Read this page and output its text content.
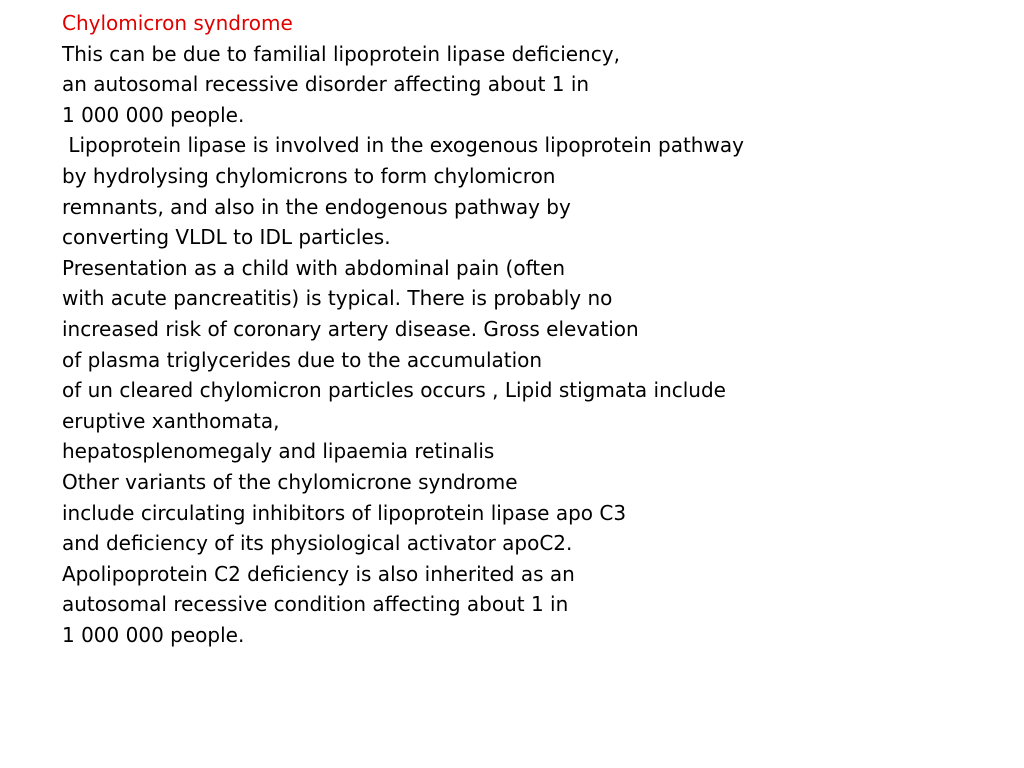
Chylomicron syndrome
This can be due to familial lipoprotein lipase deficiency,
an autosomal recessive disorder affecting about 1 in
1 000 000 people.
Lipoprotein lipase is involved in the exogenous lipoprotein pathway
by hydrolysing chylomicrons to form chylomicron
remnants, and also in the endogenous pathway by
converting VLDL to IDL particles.
Presentation as a child with abdominal pain (often
with acute pancreatitis) is typical. There is probably no
increased risk of coronary artery disease. Gross elevation
of plasma triglycerides due to the accumulation
of un cleared chylomicron particles occurs , Lipid stigmata include
eruptive xanthomata,
hepatosplenomegaly and lipaemia retinalis
Other variants of the chylomicrone syndrome
include circulating inhibitors of lipoprotein lipase apo C3
and deficiency of its physiological activator apoC2.
Apolipoprotein C2 deficiency is also inherited as an
autosomal recessive condition affecting about 1 in
1 000 000 people.
